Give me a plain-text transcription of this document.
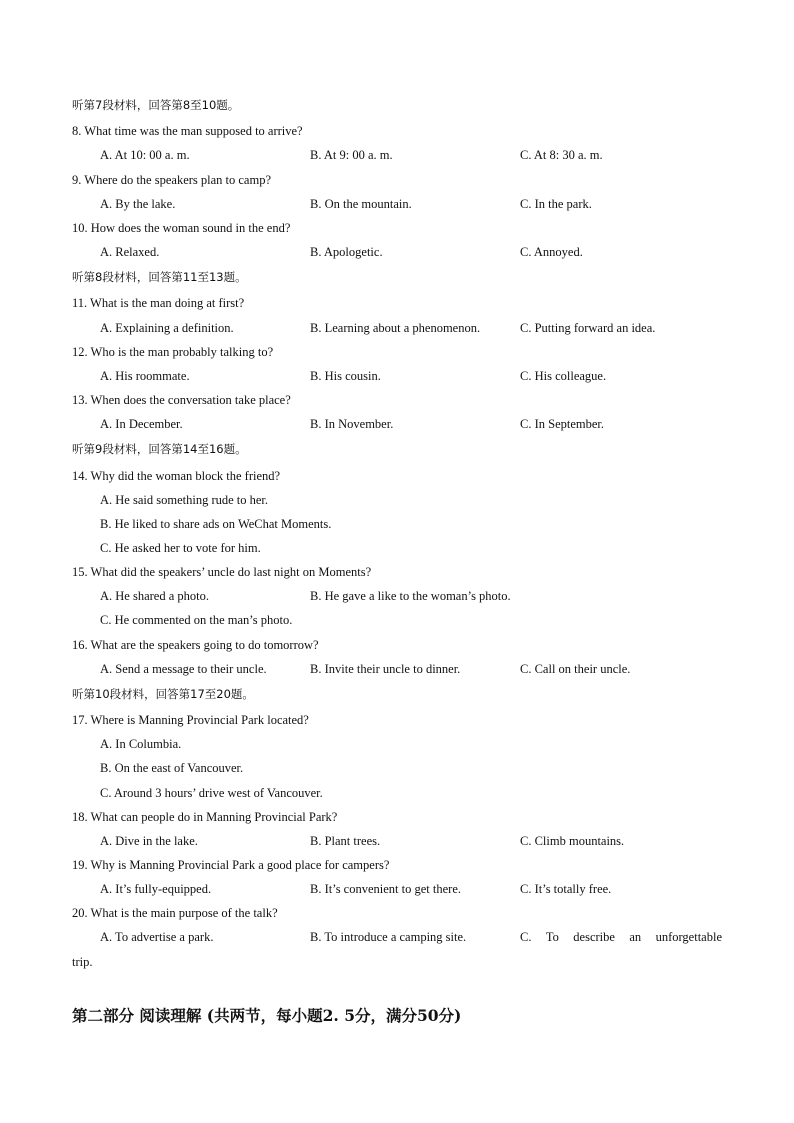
听第7段材料，回答第8至10题。
8. What time was the man supposed to arrive?
A. At 10: 00 a. m.	B. At 9: 00 a. m.	C. At 8: 30 a. m.
9. Where do the speakers plan to camp?
A. By the lake.	B. On the mountain.	C. In the park.
10. How does the woman sound in the end?
A. Relaxed.	B. Apologetic.	C. Annoyed.
听第8段材料，回答第11至13题。
11. What is the man doing at first?
A. Explaining a definition.	B. Learning about a phenomenon.	C. Putting forward an idea.
12. Who is the man probably talking to?
A. His roommate.	B. His cousin.	C. His colleague.
13. When does the conversation take place?
A. In December.	B. In November.	C. In September.
听第9段材料，回答第14至16题。
14. Why did the woman block the friend?
A. He said something rude to her.
B. He liked to share ads on WeChat Moments.
C. He asked her to vote for him.
15. What did the speakers’ uncle do last night on Moments?
A. He shared a photo.	B. He gave a like to the woman’s photo.
C. He commented on the man’s photo.
16. What are the speakers going to do tomorrow?
A. Send a message to their uncle.	B. Invite their uncle to dinner.	C. Call on their uncle.
听第10段材料，回答第17至20题。
17. Where is Manning Provincial Park located?
A. In Columbia.
B. On the east of Vancouver.
C. Around 3 hours’ drive west of Vancouver.
18. What can people do in Manning Provincial Park?
A. Dive in the lake.	B. Plant trees.	C. Climb mountains.
19. Why is Manning Provincial Park a good place for campers?
A. It’s fully-equipped.	B. It’s convenient to get there.	C. It’s totally free.
20. What is the main purpose of the talk?
A. To advertise a park.	B. To introduce a camping site.	C. To describe an unforgettable
trip.
第二部分 阅读理解 (共两节，每小题2. 5分，满分50分)
